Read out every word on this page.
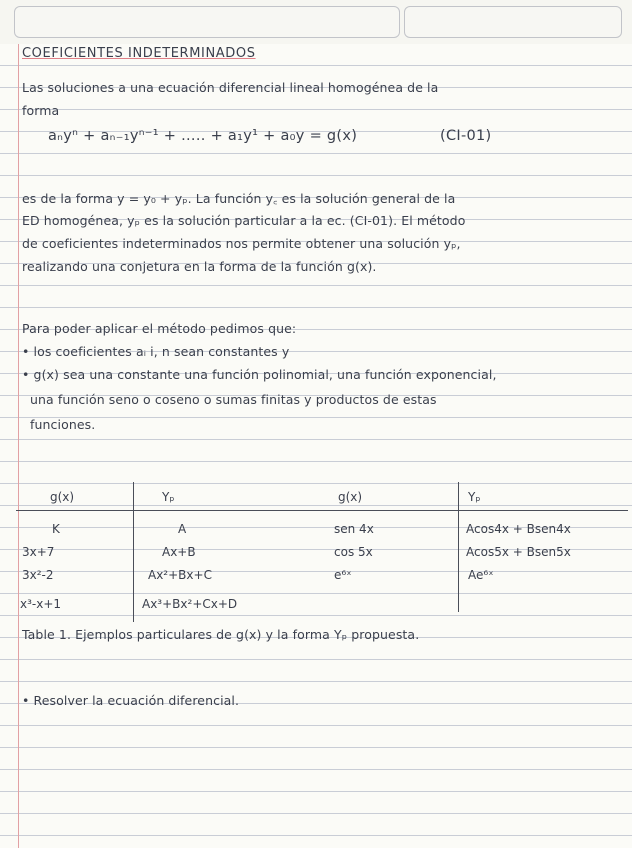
COEFICIENTES INDETERMINADOS
Las soluciones a una ecuación diferencial lineal homogénea de la
forma
aₙyⁿ + aₙ₋₁yⁿ⁻¹ + ..... + a₁y¹ + a₀y = g(x)	(CI-01)
es de la forma y = y₀ + yₚ. La función y꜀ es la solución general de la
ED homogénea, yₚ es la solución particular a la ec. (CI-01). El método
de coeficientes indeterminados nos permite obtener una solución yₚ,
realizando una conjetura en la forma de la función g(x).
Para poder aplicar el método pedimos que:
• los coeficientes aᵢ i, n sean constantes y
• g(x) sea una constante una función polinomial, una función exponencial,
una función seno o coseno o sumas finitas y productos de estas
funciones.
g(x)	Yₚ	g(x)	Yₚ
K	A	sen 4x	Acos4x + Bsen4x
3x+7	Ax+B	cos 5x	Acos5x + Bsen5x
3x²-2	Ax²+Bx+C	e⁶ˣ	Ae⁶ˣ
x³-x+1	Ax³+Bx²+Cx+D
Table 1. Ejemplos particulares de g(x) y la forma Yₚ propuesta.
• Resolver la ecuación diferencial.
